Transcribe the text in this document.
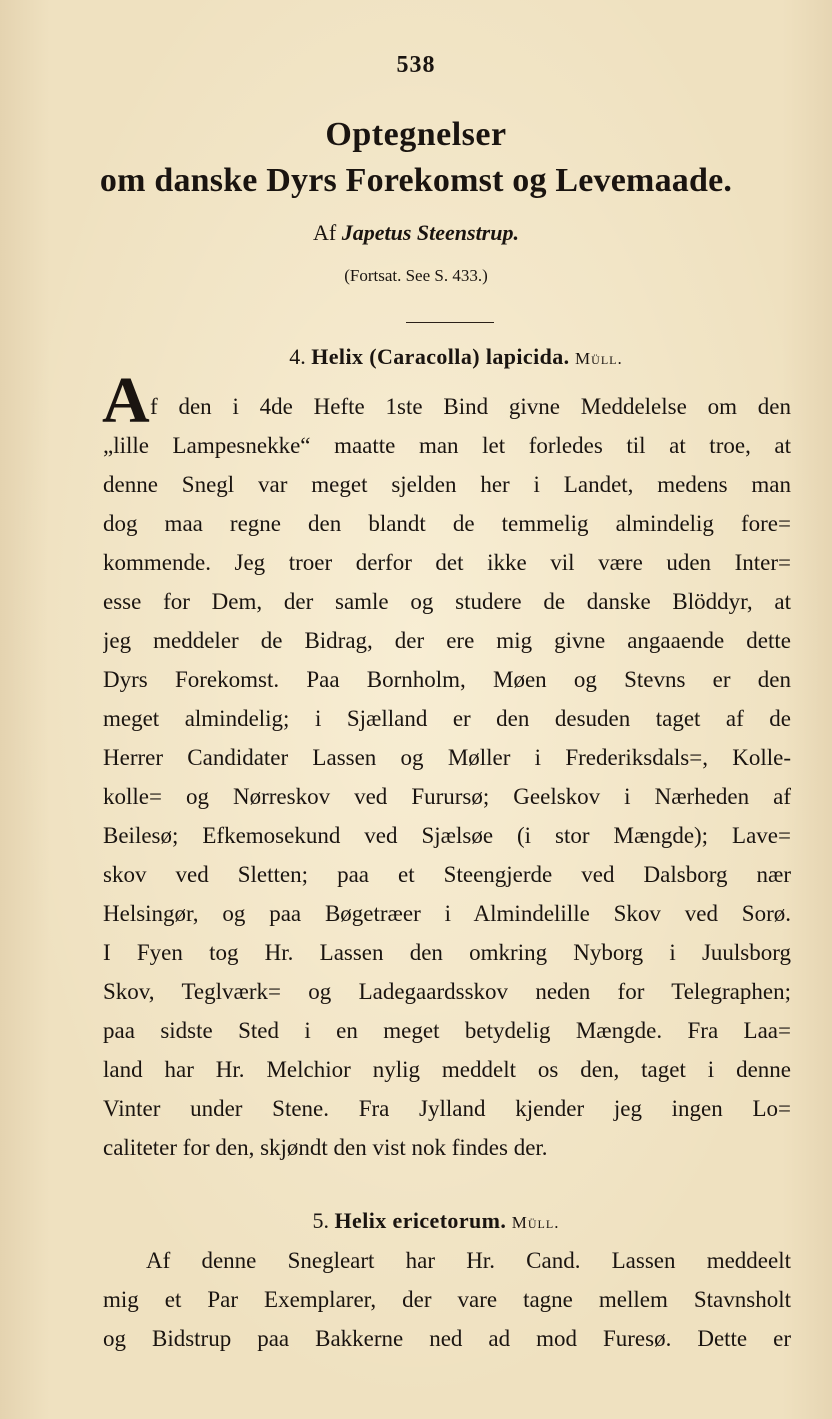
538
Optegnelser
om danske Dyrs Forekomst og Levemaade.
Af Japetus Steenstrup.
(Fortsat. See S. 433.)
4. Helix (Caracolla) lapicida. Müll.
A f den i 4de Hefte 1ste Bind givne Meddelelse om den
„lille Lampesnekke“ maatte man let forledes til at troe, at
denne Snegl var meget sjelden her i Landet, medens man
dog maa regne den blandt de temmelig almindelig fore=
kommende. Jeg troer derfor det ikke vil være uden Inter=
esse for Dem, der samle og studere de danske Blöddyr, at
jeg meddeler de Bidrag, der ere mig givne angaaende dette
Dyrs Forekomst. Paa Bornholm, Møen og Stevns er den
meget almindelig; i Sjælland er den desuden taget af de
Herrer Candidater Lassen og Møller i Frederiksdals=, Kolle-
kolle= og Nørreskov ved Furursø; Geelskov i Nærheden af
Beilesø; Efkemosekund ved Sjælsøe (i stor Mængde); Lave=
skov ved Sletten; paa et Steengjerde ved Dalsborg nær
Helsingør, og paa Bøgetræer i Almindelille Skov ved Sorø.
I Fyen tog Hr. Lassen den omkring Nyborg i Juulsborg
Skov, Teglværk= og Ladegaardsskov neden for Telegraphen;
paa sidste Sted i en meget betydelig Mængde. Fra Laa=
land har Hr. Melchior nylig meddelt os den, taget i denne
Vinter under Stene. Fra Jylland kjender jeg ingen Lo=
caliteter for den, skjøndt den vist nok findes der.
5. Helix ericetorum. Müll.
Af denne Snegleart har Hr. Cand. Lassen meddeelt
mig et Par Exemplarer, der vare tagne mellem Stavnsholt
og Bidstrup paa Bakkerne ned ad mod Furesø. Dette er
